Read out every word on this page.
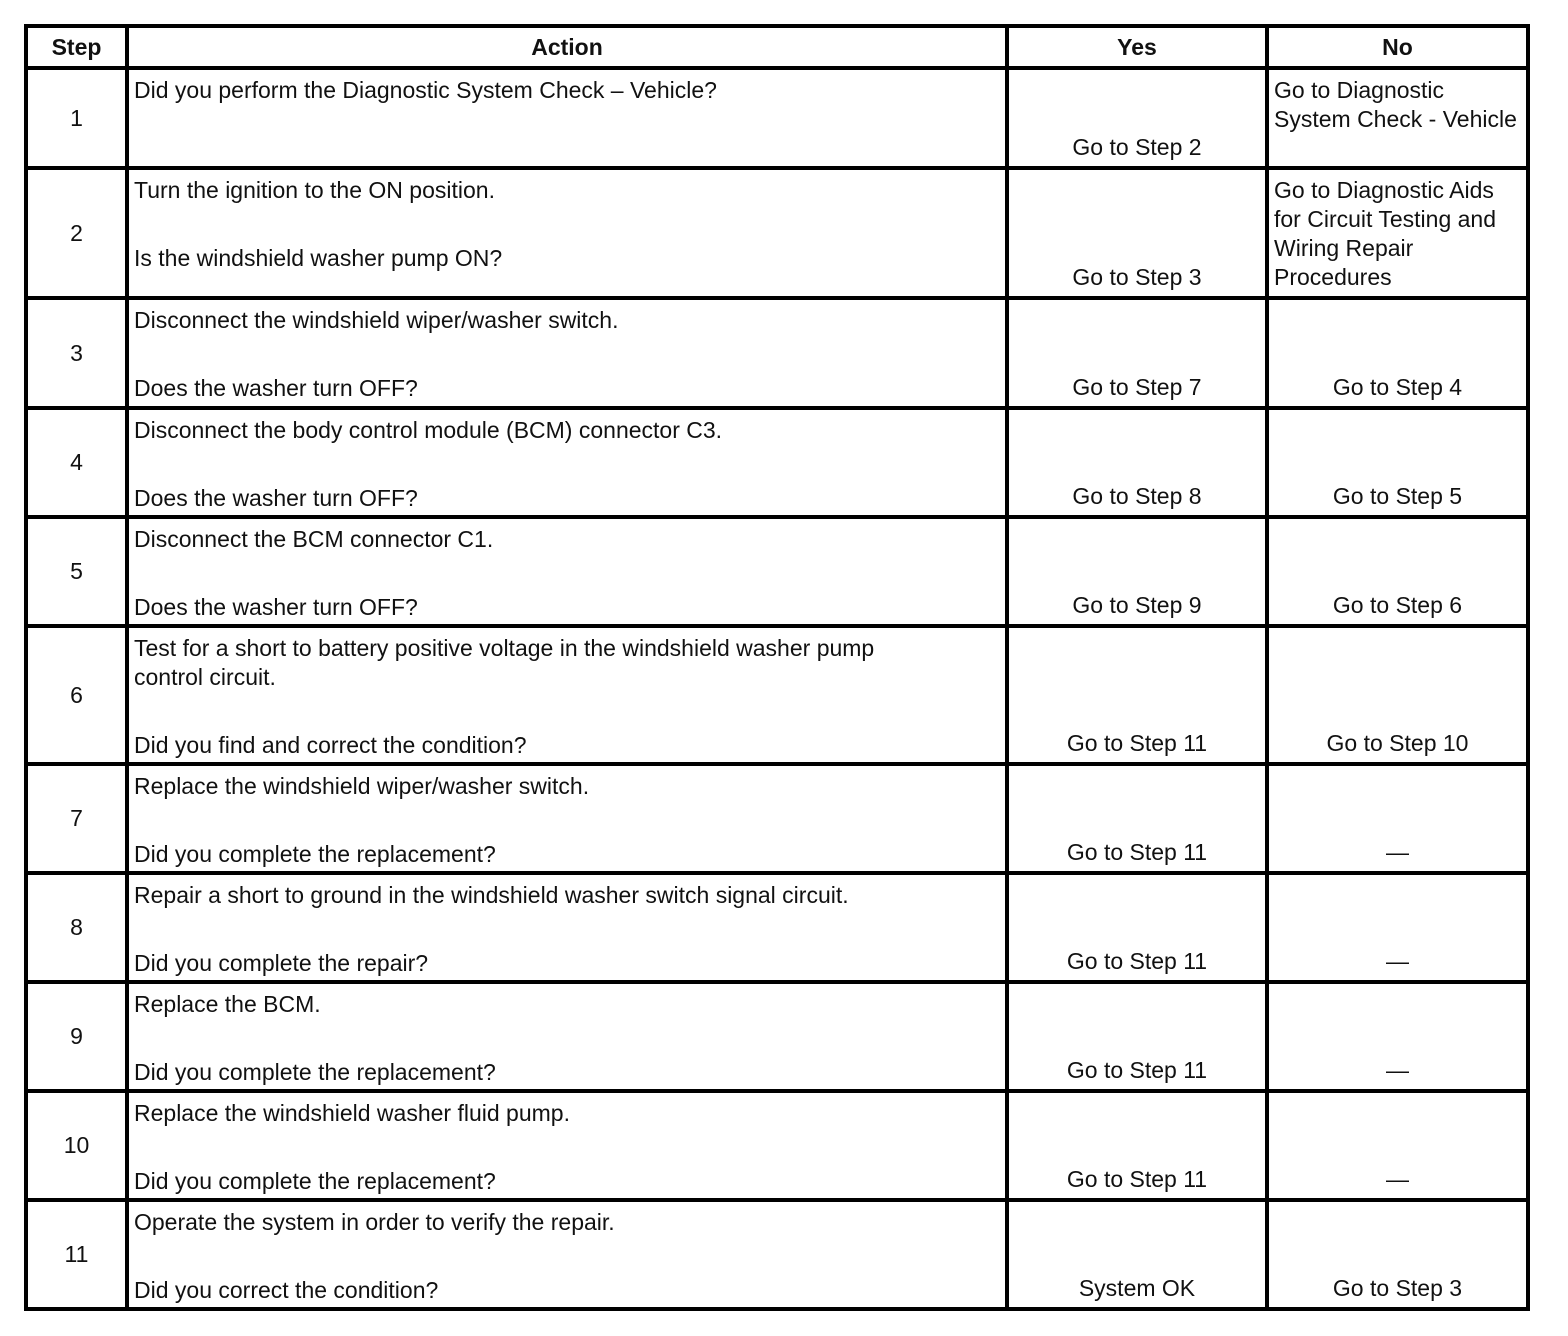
Step	Action	Yes	No
1	Did you perform the Diagnostic System Check – Vehicle?	Go to Step 2	Go to Diagnostic System Check - Vehicle
2	Turn the ignition to the ON position.
Is the windshield washer pump ON?	Go to Step 3	Go to Diagnostic Aids for Circuit Testing and Wiring Repair Procedures
3	Disconnect the windshield wiper/washer switch.
Does the washer turn OFF?	Go to Step 7	Go to Step 4
4	Disconnect the body control module (BCM) connector C3.
Does the washer turn OFF?	Go to Step 8	Go to Step 5
5	Disconnect the BCM connector C1.
Does the washer turn OFF?	Go to Step 9	Go to Step 6
6	Test for a short to battery positive voltage in the windshield washer pump
control circuit.
Did you find and correct the condition?	Go to Step 11	Go to Step 10
7	Replace the windshield wiper/washer switch.
Did you complete the replacement?	Go to Step 11	—
8	Repair a short to ground in the windshield washer switch signal circuit.
Did you complete the repair?	Go to Step 11	—
9	Replace the BCM.
Did you complete the replacement?	Go to Step 11	—
10	Replace the windshield washer fluid pump.
Did you complete the replacement?	Go to Step 11	—
11	Operate the system in order to verify the repair.
Did you correct the condition?	System OK	Go to Step 3
